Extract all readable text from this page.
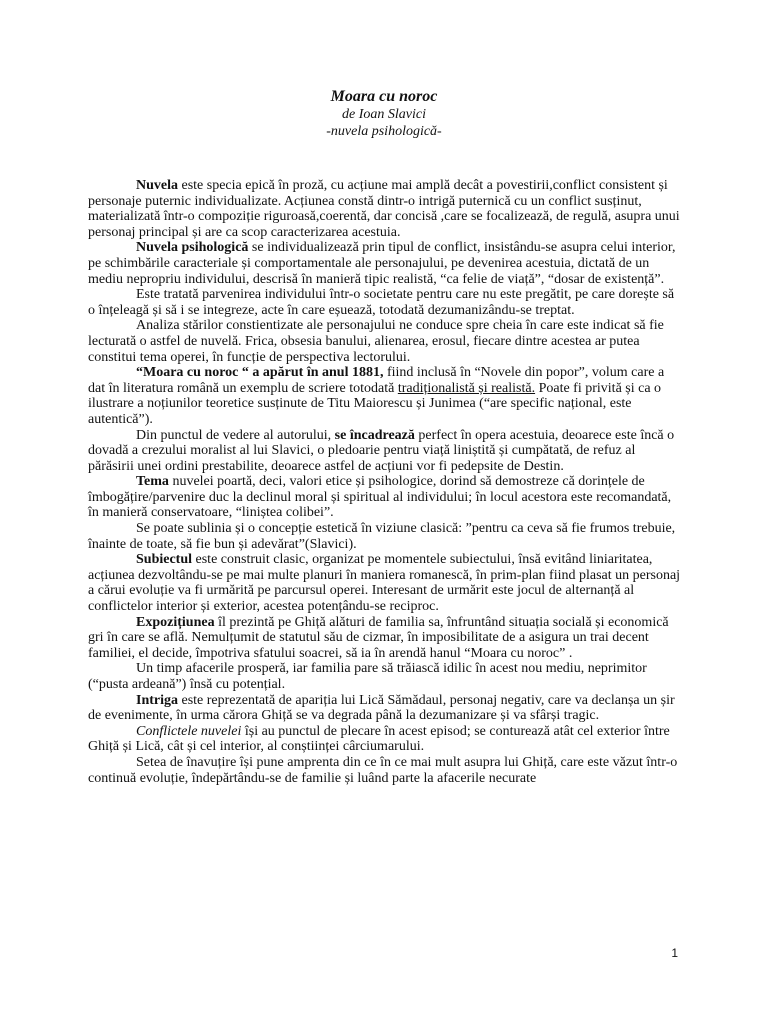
Moara cu noroc
de Ioan Slavici
-nuvela psihologică-

Nuvela este specia epică în proză, cu acțiune mai amplă decât a povestirii,conflict consistent și personaje puternic individualizate. Acțiunea constă dintr-o intrigă puternică cu un conflict susținut, materializată într-o compoziție riguroasă,coerentă, dar concisă ,care se focalizează, de regulă, asupra unui personaj principal și are ca scop caracterizarea acestuia.

Nuvela psihologică se individualizează prin tipul de conflict, insistându-se asupra celui interior, pe schimbările caracteriale și comportamentale ale personajului, pe devenirea acestuia, dictată de un mediu nepropriu individului, descrisă în manieră tipic realistă, “ca felie de viață”, “dosar de existență”.

Este tratată parvenirea individului într-o societate pentru care nu este pregătit, pe care dorește să o înțeleagă și să i se integreze, acte în care eșuează, totodată dezumanizându-se treptat.

Analiza stărilor constientizate ale personajului ne conduce spre cheia în care este indicat să fie lecturată o astfel de nuvelă. Frica, obsesia banului, alienarea, erosul, fiecare dintre acestea ar putea constitui tema operei, în funcție de perspectiva lectorului.

“Moara cu noroc “ a apărut în anul 1881, fiind inclusă în “Novele din popor”, volum care a dat în literatura română un exemplu de scriere totodată tradiționalistă și realistă. Poate fi privită și ca o ilustrare a noțiunilor teoretice susținute de Titu Maiorescu și Junimea (“are specific național, este autentică”).

Din punctul de vedere al autorului, se încadrează perfect în opera acestuia, deoarece este încă o dovadă a crezului moralist al lui Slavici, o pledoarie pentru viață liniștită și cumpătată, de refuz al părăsirii unei ordini prestabilite, deoarece astfel de acțiuni vor fi pedepsite de Destin.

Tema nuvelei poartă, deci, valori etice și psihologice, dorind să demostreze că dorințele de îmbogățire/parvenire duc la declinul moral și spiritual al individului; în locul acestora este recomandată, în manieră conservatoare, “liniștea colibei”.

Se poate sublinia și o concepție estetică în viziune clasică: ”pentru ca ceva să fie frumos trebuie, înainte de toate, să fie bun și adevărat”(Slavici).

Subiectul este construit clasic, organizat pe momentele subiectului, însă evitând liniaritatea, acțiunea dezvoltându-se pe mai multe planuri în maniera romanescă, în prim-plan fiind plasat un personaj a cărui evoluție va fi urmărită pe parcursul operei. Interesant de urmărit este jocul de alternanță al conflictelor interior și exterior, acestea potențându-se reciproc.

Expozițiunea îl prezintă pe Ghiță alături de familia sa, înfruntând situația socială și economică gri în care se află. Nemulțumit de statutul său de cizmar, în imposibilitate de a asigura un trai decent familiei, el decide, împotriva sfatului soacrei, să ia în arendă hanul “Moara cu noroc” .

Un timp afacerile prosperă, iar familia pare să trăiască idilic în acest nou mediu, neprimitor (“pusta ardeană”) însă cu potențial.

Intriga este reprezentată de apariția lui Lică Sămădaul, personaj negativ, care va declanșa un șir de evenimente, în urma cărora Ghiță se va degrada până la dezumanizare și va sfârși tragic.

Conflictele nuvelei își au punctul de plecare în acest episod; se conturează atât cel exterior între Ghiță și Lică, cât și cel interior, al conștiinței cârciumarului.

Setea de înavuțire își pune amprenta din ce în ce mai mult asupra lui Ghiță, care este văzut într-o continuă evoluție, îndepărtându-se de familie și luând parte la afacerile necurate

1
